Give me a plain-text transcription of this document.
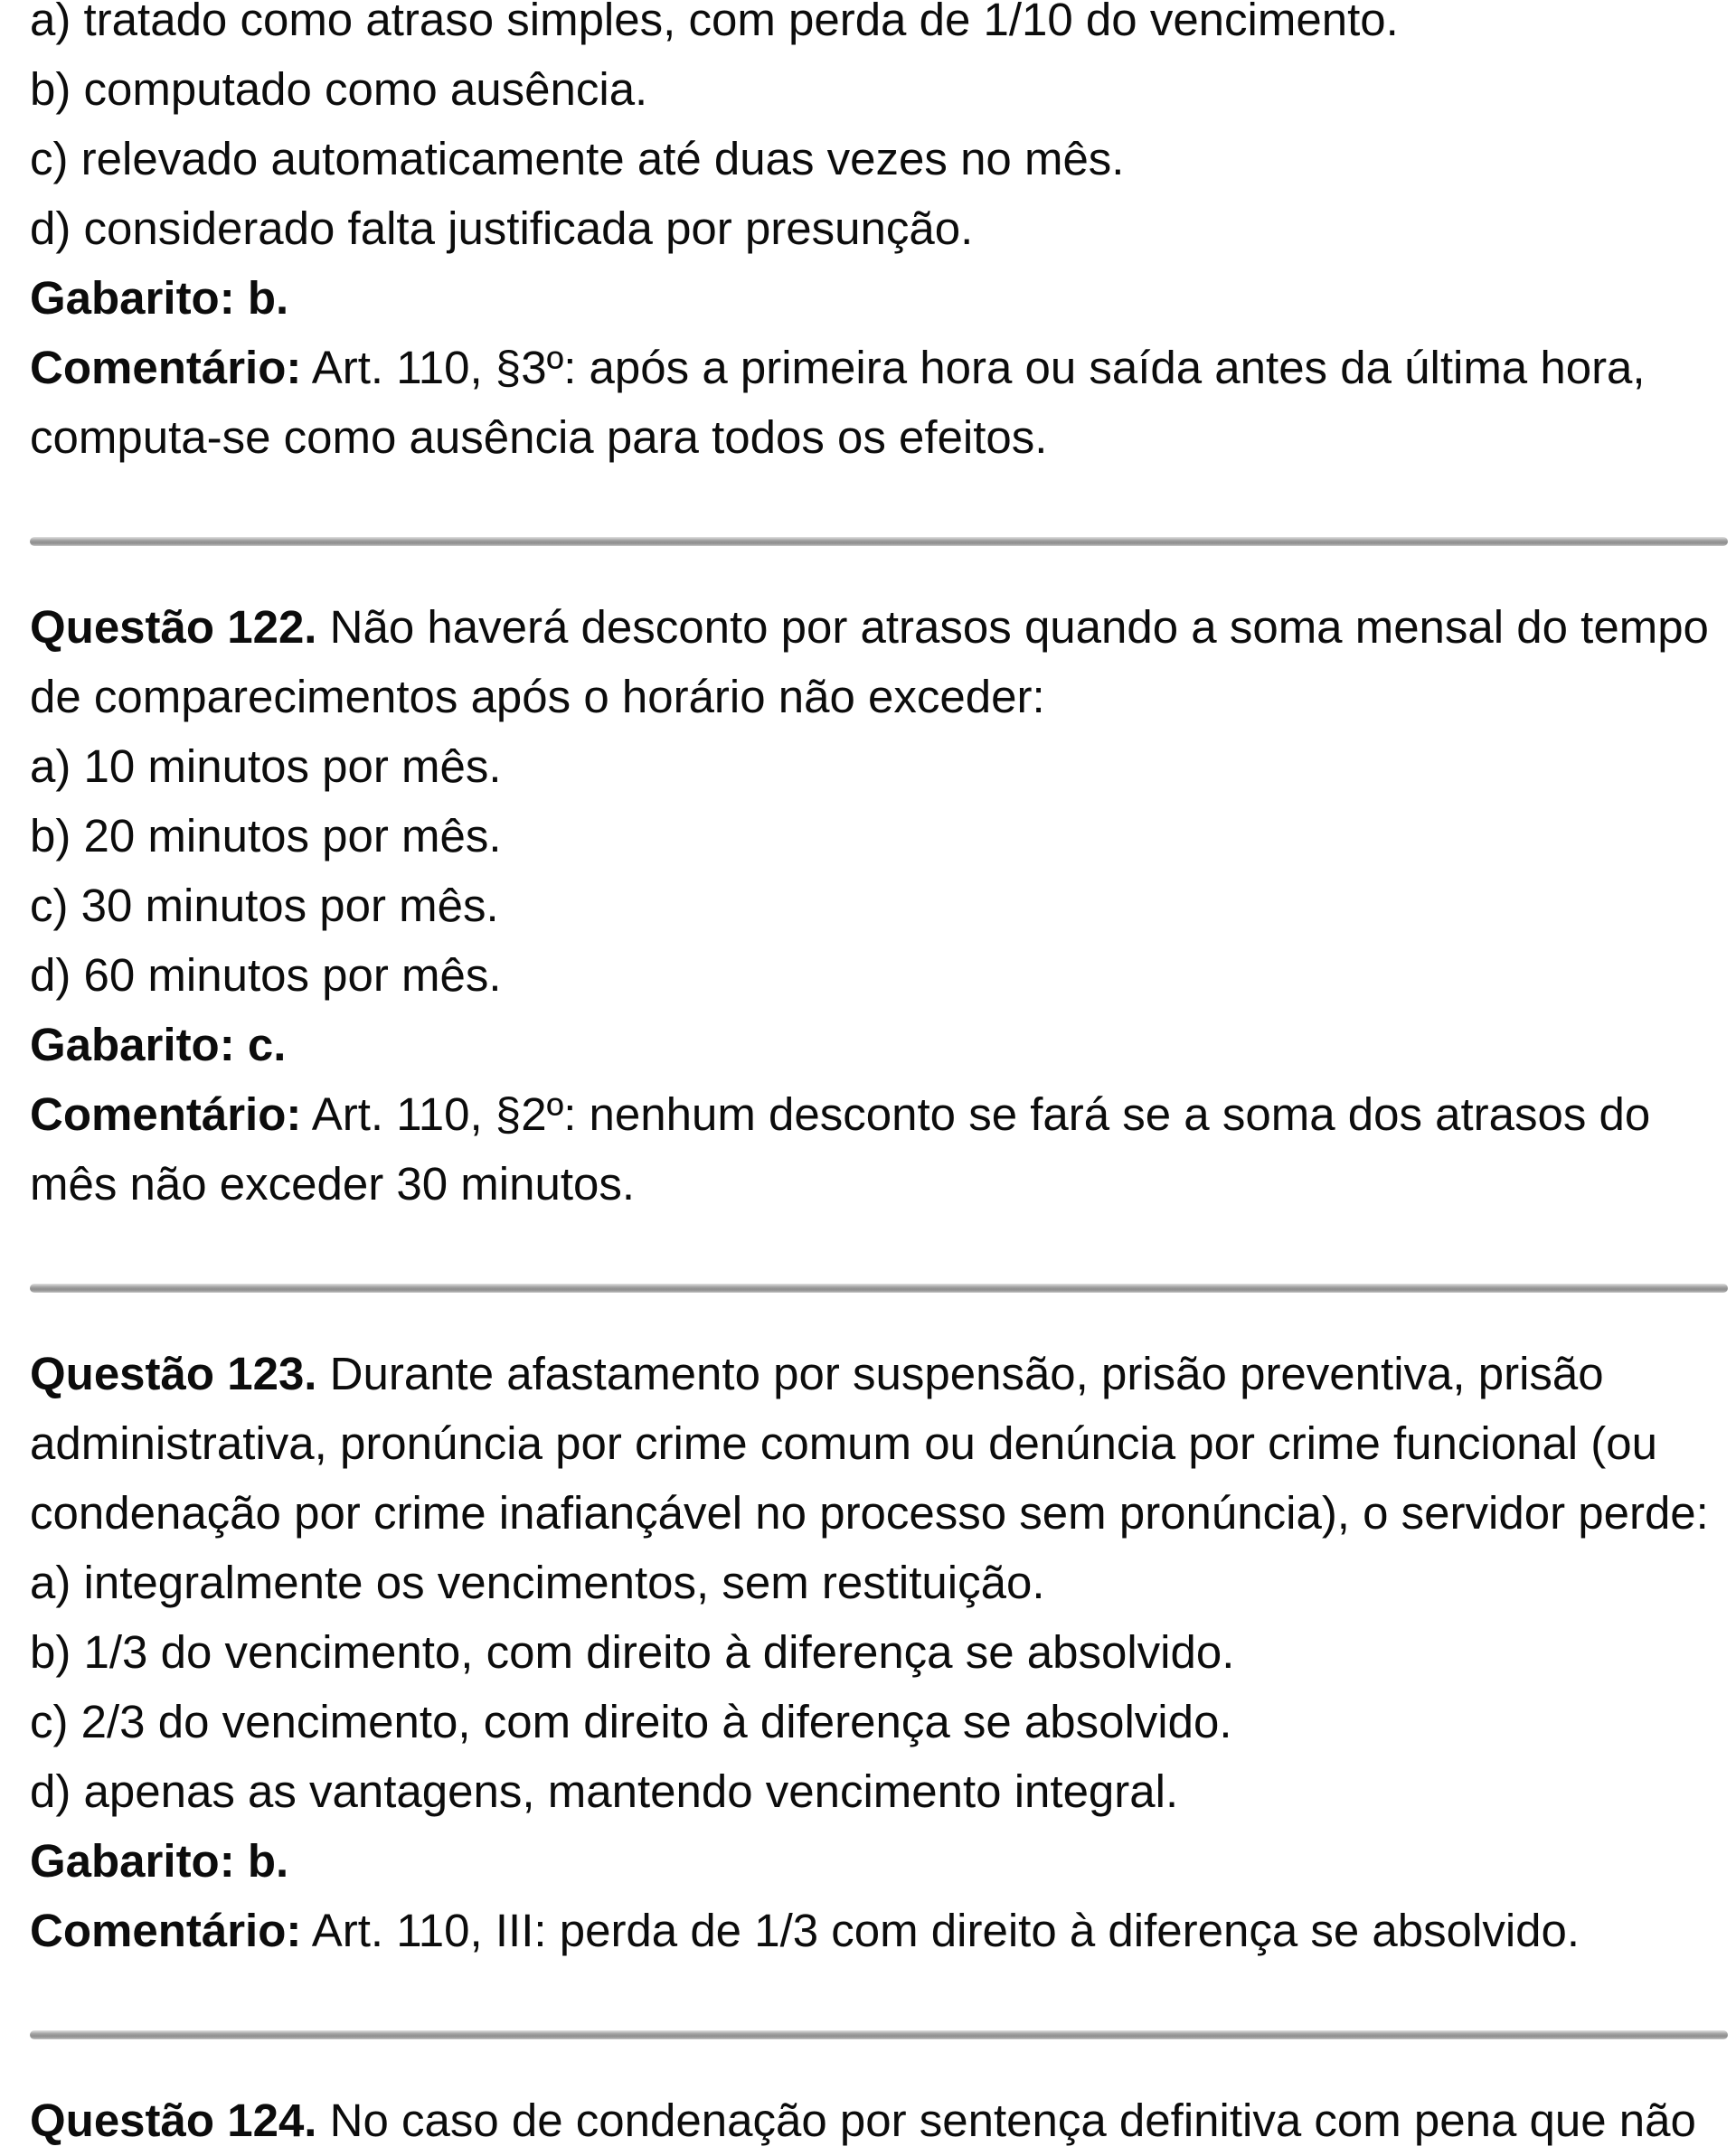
a) tratado como atraso simples, com perda de 1/10 do vencimento.

b) computado como ausência.

c) relevado automaticamente até duas vezes no mês.

d) considerado falta justificada por presunção.

Gabarito: b.

Comentário: Art. 110, §3º: após a primeira hora ou saída antes da última hora, computa-se como ausência para todos os efeitos.

Questão 122. Não haverá desconto por atrasos quando a soma mensal do tempo de comparecimentos após o horário não exceder:

a) 10 minutos por mês.

b) 20 minutos por mês.

c) 30 minutos por mês.

d) 60 minutos por mês.

Gabarito: c.

Comentário: Art. 110, §2º: nenhum desconto se fará se a soma dos atrasos do mês não exceder 30 minutos.

Questão 123. Durante afastamento por suspensão, prisão preventiva, prisão administrativa, pronúncia por crime comum ou denúncia por crime funcional (ou condenação por crime inafiançável no processo sem pronúncia), o servidor perde:

a) integralmente os vencimentos, sem restituição.

b) 1/3 do vencimento, com direito à diferença se absolvido.

c) 2/3 do vencimento, com direito à diferença se absolvido.

d) apenas as vantagens, mantendo vencimento integral.

Gabarito: b.

Comentário: Art. 110, III: perda de 1/3 com direito à diferença se absolvido.

Questão 124. No caso de condenação por sentença definitiva com pena que não
